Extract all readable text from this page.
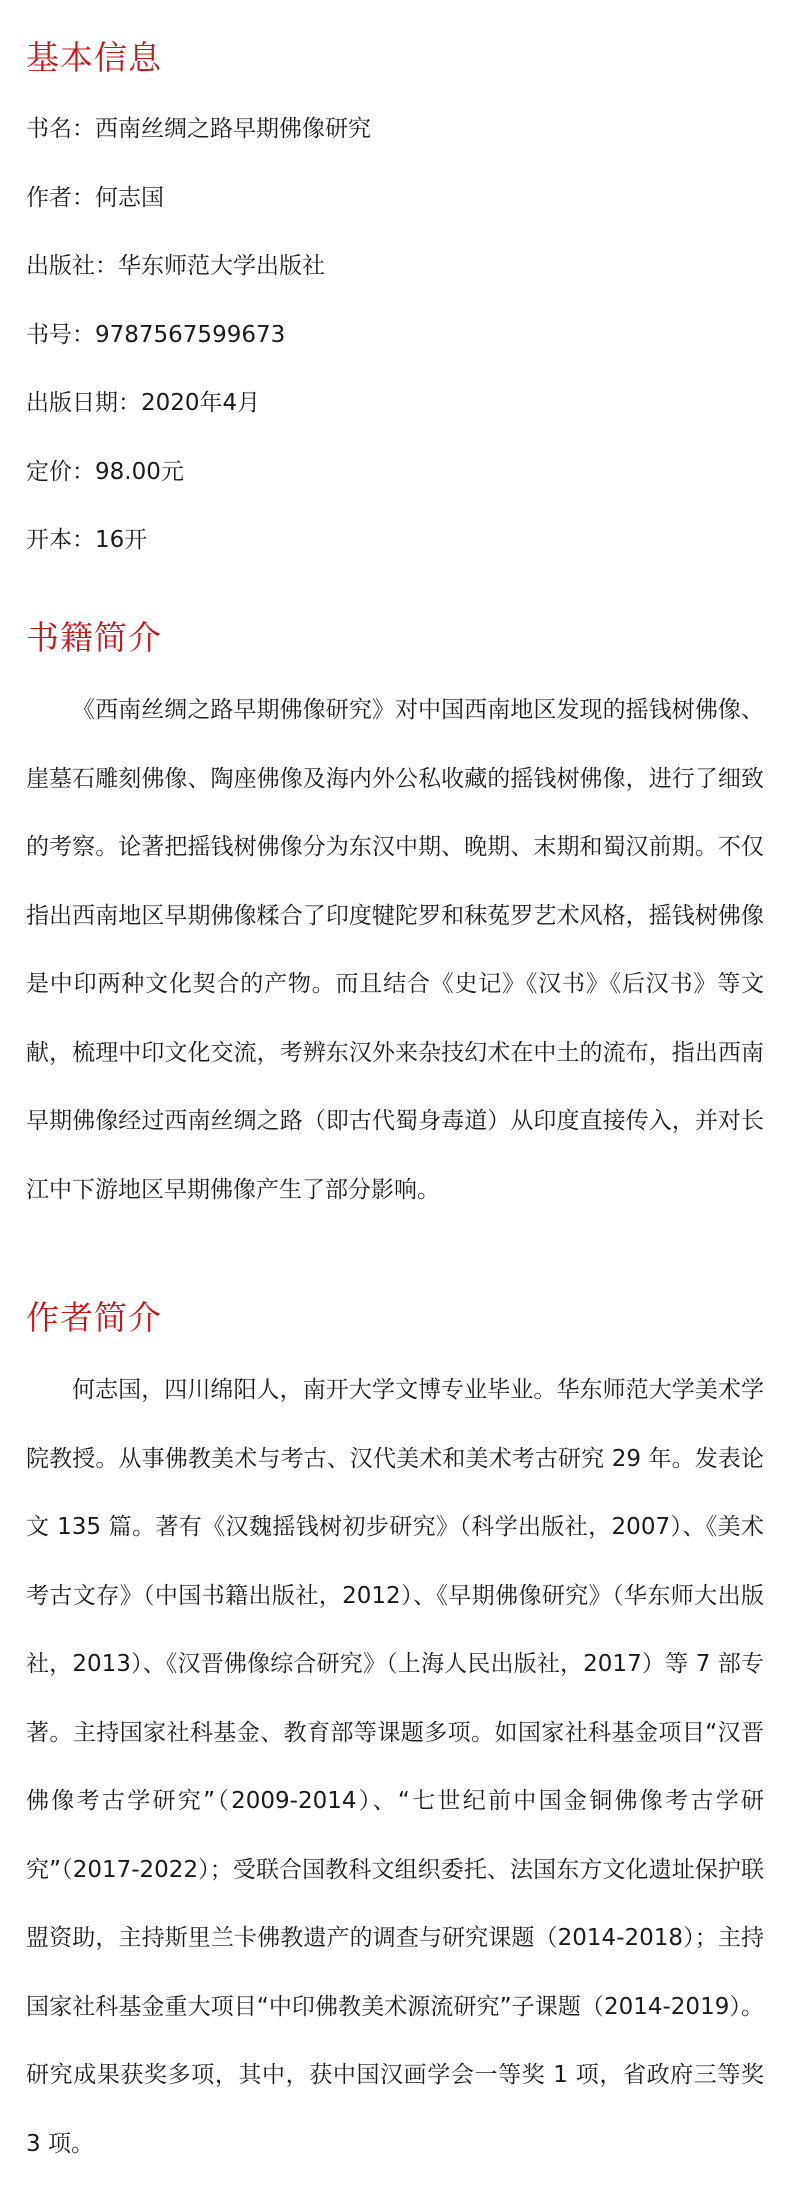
基本信息

书名：西南丝绸之路早期佛像研究

作者：何志国

出版社：华东师范大学出版社

书号：9787567599673

出版日期：2020年4月

定价：98.00元

开本：16开

书籍简介

《西南丝绸之路早期佛像研究》对中国西南地区发现的摇钱树佛像、崖墓石雕刻佛像、陶座佛像及海内外公私收藏的摇钱树佛像，进行了细致的考察。论著把摇钱树佛像分为东汉中期、晚期、末期和蜀汉前期。不仅指出西南地区早期佛像糅合了印度犍陀罗和秣菟罗艺术风格，摇钱树佛像是中印两种文化契合的产物。而且结合《史记》《汉书》《后汉书》等文献，梳理中印文化交流，考辨东汉外来杂技幻术在中土的流布，指出西南早期佛像经过西南丝绸之路（即古代蜀身毒道）从印度直接传入，并对长江中下游地区早期佛像产生了部分影响。

作者简介

何志国，四川绵阳人，南开大学文博专业毕业。华东师范大学美术学院教授。从事佛教美术与考古、汉代美术和美术考古研究 29 年。发表论文 135 篇。著有《汉魏摇钱树初步研究》（科学出版社，2007）、《美术考古文存》（中国书籍出版社，2012）、《早期佛像研究》（华东师大出版社，2013）、《汉晋佛像综合研究》（上海人民出版社，2017）等 7 部专著。主持国家社科基金、教育部等课题多项。如国家社科基金项目“汉晋佛像考古学研究”（2009-2014）、“七世纪前中国金铜佛像考古学研究”（2017-2022）；受联合国教科文组织委托、法国东方文化遗址保护联盟资助，主持斯里兰卡佛教遗产的调查与研究课题（2014-2018）；主持国家社科基金重大项目“中印佛教美术源流研究”子课题（2014-2019）。研究成果获奖多项，其中，获中国汉画学会一等奖 1 项，省政府三等奖 3 项。
